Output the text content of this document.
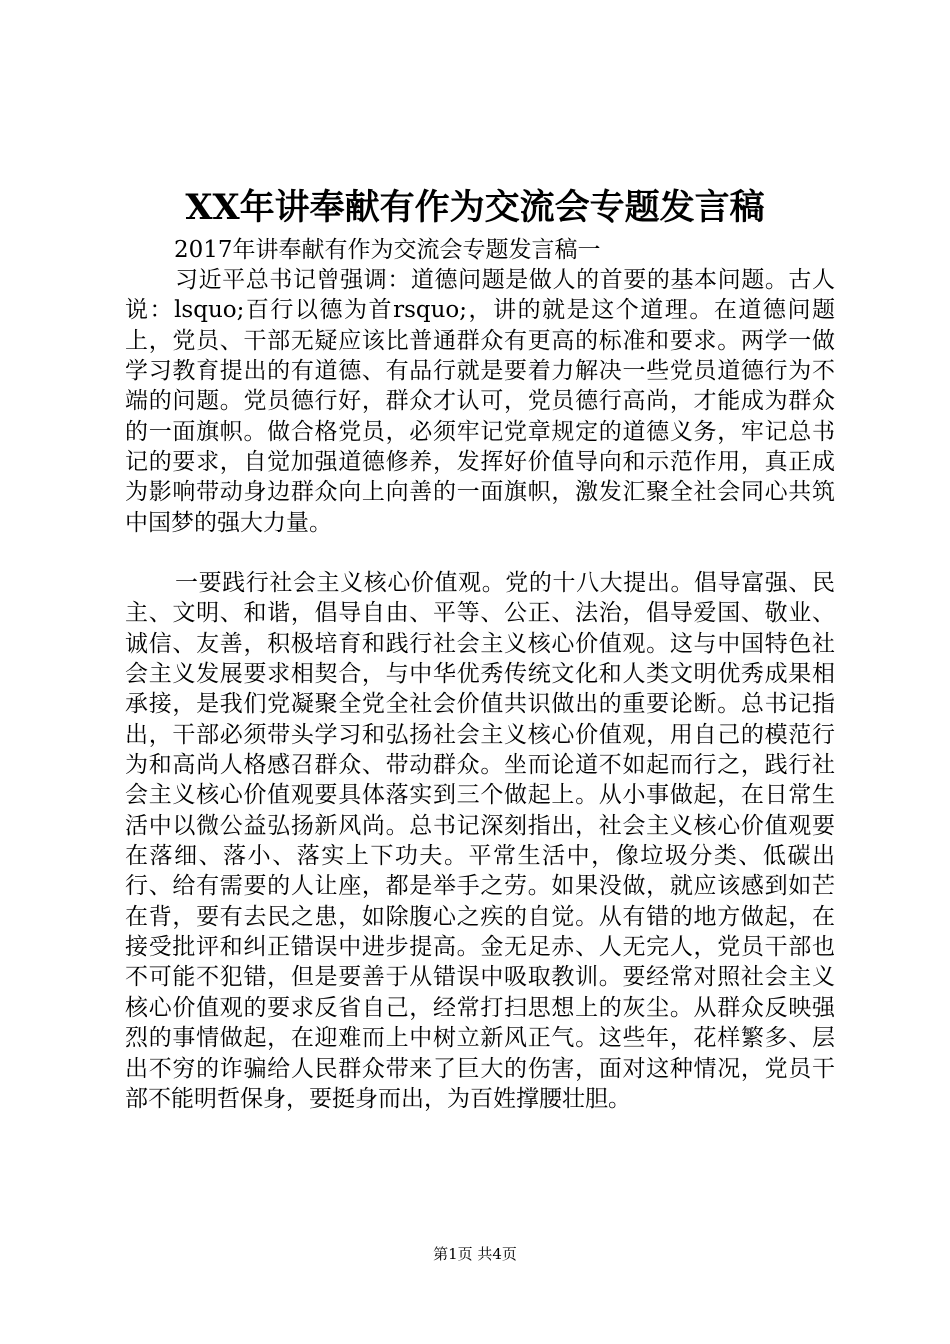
XX年讲奉献有作为交流会专题发言稿
2017年讲奉献有作为交流会专题发言稿一

习近平总书记曾强调：道德问题是做人的首要的基本问题。古人说：lsquo;百行以德为首rsquo;，讲的就是这个道理。在道德问题上，党员、干部无疑应该比普通群众有更高的标准和要求。两学一做学习教育提出的有道德、有品行就是要着力解决一些党员道德行为不端的问题。党员德行好，群众才认可，党员德行高尚，才能成为群众的一面旗帜。做合格党员，必须牢记党章规定的道德义务，牢记总书记的要求，自觉加强道德修养，发挥好价值导向和示范作用，真正成为影响带动身边群众向上向善的一面旗帜，激发汇聚全社会同心共筑中国梦的强大力量。

一要践行社会主义核心价值观。党的十八大提出。倡导富强、民主、文明、和谐，倡导自由、平等、公正、法治，倡导爱国、敬业、诚信、友善，积极培育和践行社会主义核心价值观。这与中国特色社会主义发展要求相契合，与中华优秀传统文化和人类文明优秀成果相承接，是我们党凝聚全党全社会价值共识做出的重要论断。总书记指出，干部必须带头学习和弘扬社会主义核心价值观，用自己的模范行为和高尚人格感召群众、带动群众。坐而论道不如起而行之，践行社会主义核心价值观要具体落实到三个做起上。从小事做起，在日常生活中以微公益弘扬新风尚。总书记深刻指出，社会主义核心价值观要在落细、落小、落实上下功夫。平常生活中，像垃圾分类、低碳出行、给有需要的人让座，都是举手之劳。如果没做，就应该感到如芒在背，要有去民之患，如除腹心之疾的自觉。从有错的地方做起，在接受批评和纠正错误中进步提高。金无足赤、人无完人，党员干部也不可能不犯错，但是要善于从错误中吸取教训。要经常对照社会主义核心价值观的要求反省自己，经常打扫思想上的灰尘。从群众反映强烈的事情做起，在迎难而上中树立新风正气。这些年，花样繁多、层出不穷的诈骗给人民群众带来了巨大的伤害，面对这种情况，党员干部不能明哲保身，要挺身而出，为百姓撑腰壮胆。

第1页 共4页
